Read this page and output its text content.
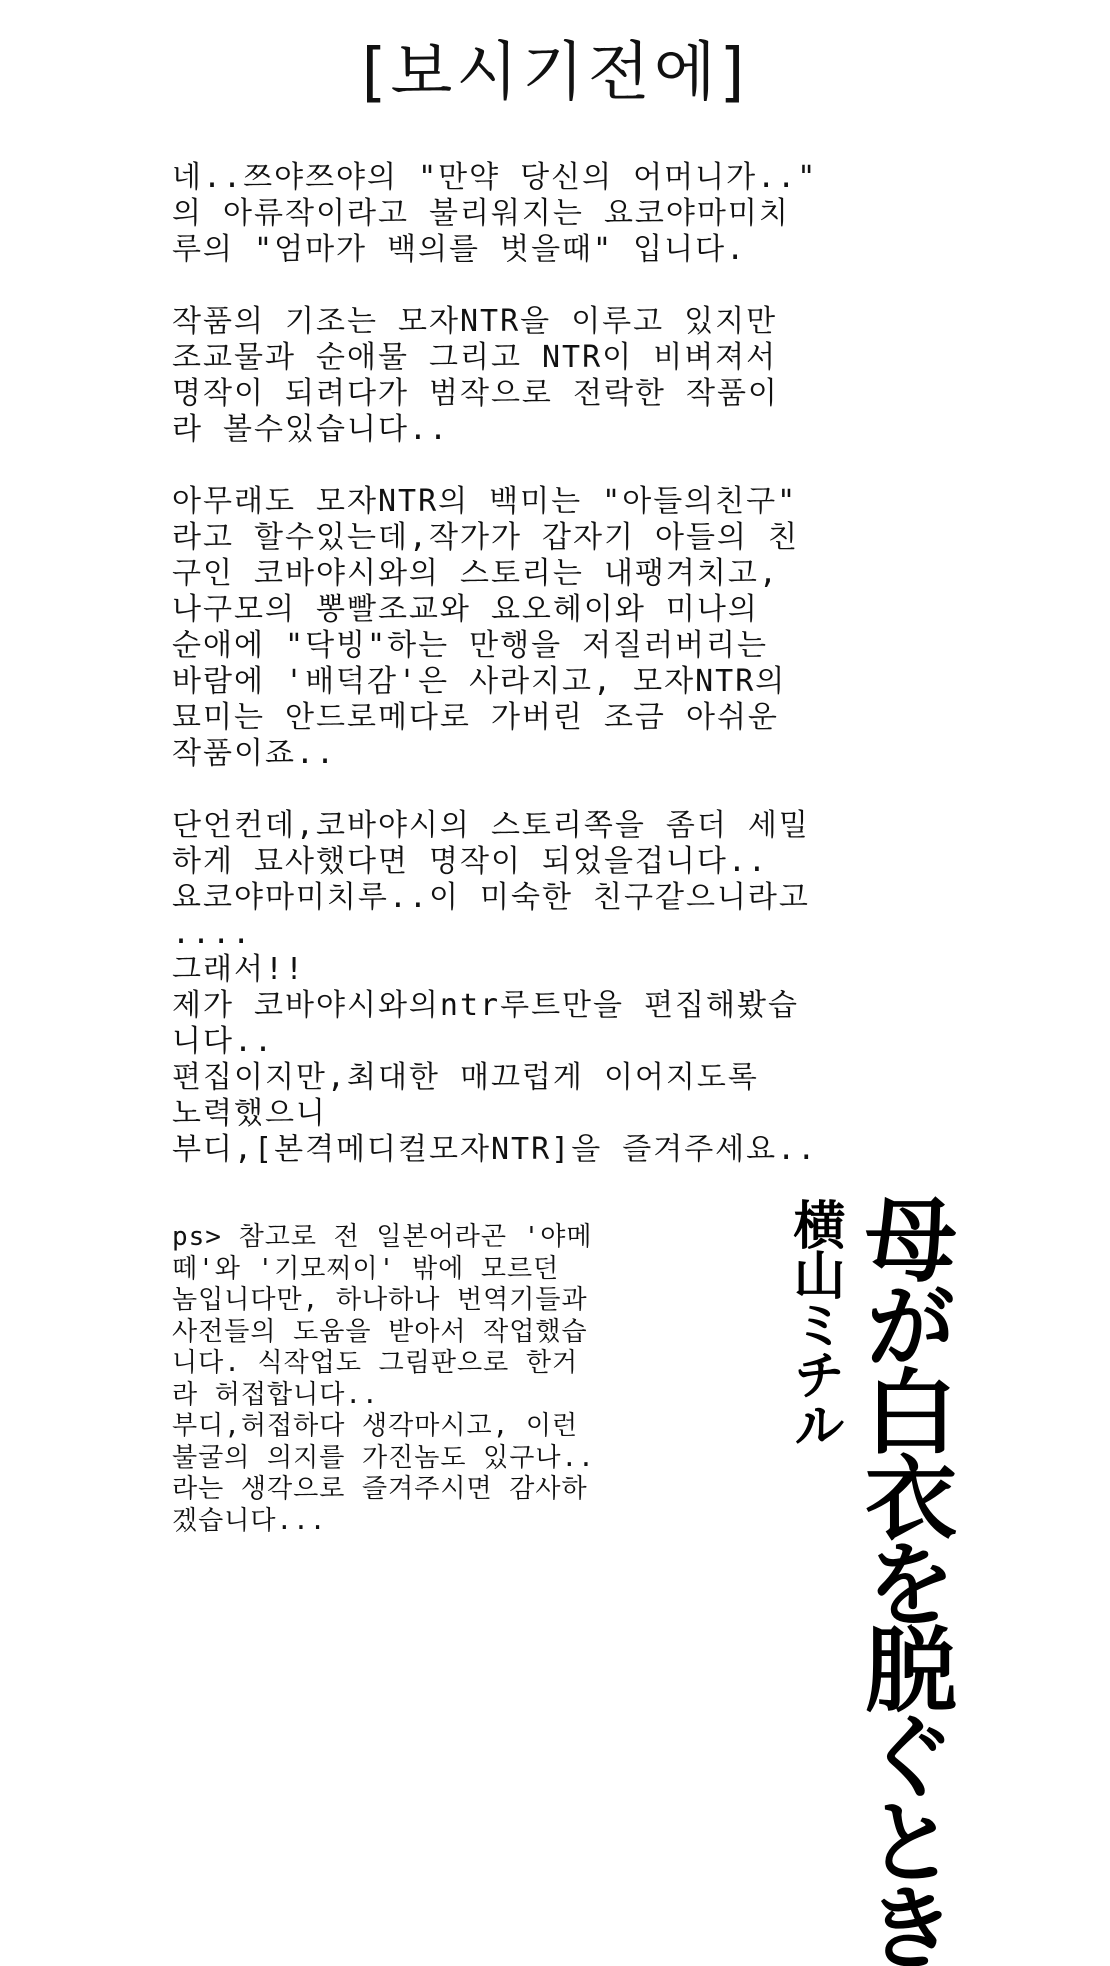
[보시기전에]
네..쯔야쯔야의 "만약 당신의 어머니가.."
의 아류작이라고 불리워지는 요코야마미치
루의 "엄마가 백의를 벗을때" 입니다.
작품의 기조는 모자NTR을 이루고 있지만
조교물과 순애물 그리고 NTR이 비벼져서
명작이 되려다가 범작으로 전락한 작품이
라 볼수있습니다..
아무래도 모자NTR의 백미는 "아들의친구"
라고 할수있는데,작가가 갑자기 아들의 친
구인 코바야시와의 스토리는 내팽겨치고,
나구모의 뽕빨조교와 요오헤이와 미나의
순애에 "닥빙"하는 만행을 저질러버리는
바람에 '배덕감'은 사라지고, 모자NTR의
묘미는 안드로메다로 가버린 조금 아쉬운
작품이죠..
단언컨데,코바야시의 스토리쪽을 좀더 세밀
하게 묘사했다면 명작이 되었을겁니다..
요코야마미치루..이 미숙한 친구같으니라고
....
그래서!!
제가 코바야시와의ntr루트만을 편집해봤습
니다..
편집이지만,최대한 매끄럽게 이어지도록
노력했으니
부디,[본격메디컬모자NTR]을 즐겨주세요..
ps> 참고로 전 일본어라곤 '야메
떼'와 '기모찌이' 밖에 모르던
놈입니다만, 하나하나 번역기들과
사전들의 도움을 받아서 작업했습
니다. 식작업도 그림판으로 한거
라 허접합니다..
부디,허접하다 생각마시고, 이런
불굴의 의지를 가진놈도 있구나..
라는 생각으로 즐겨주시면 감사하
겠습니다...	母が白衣を脱ぐとき
横山ミチル
